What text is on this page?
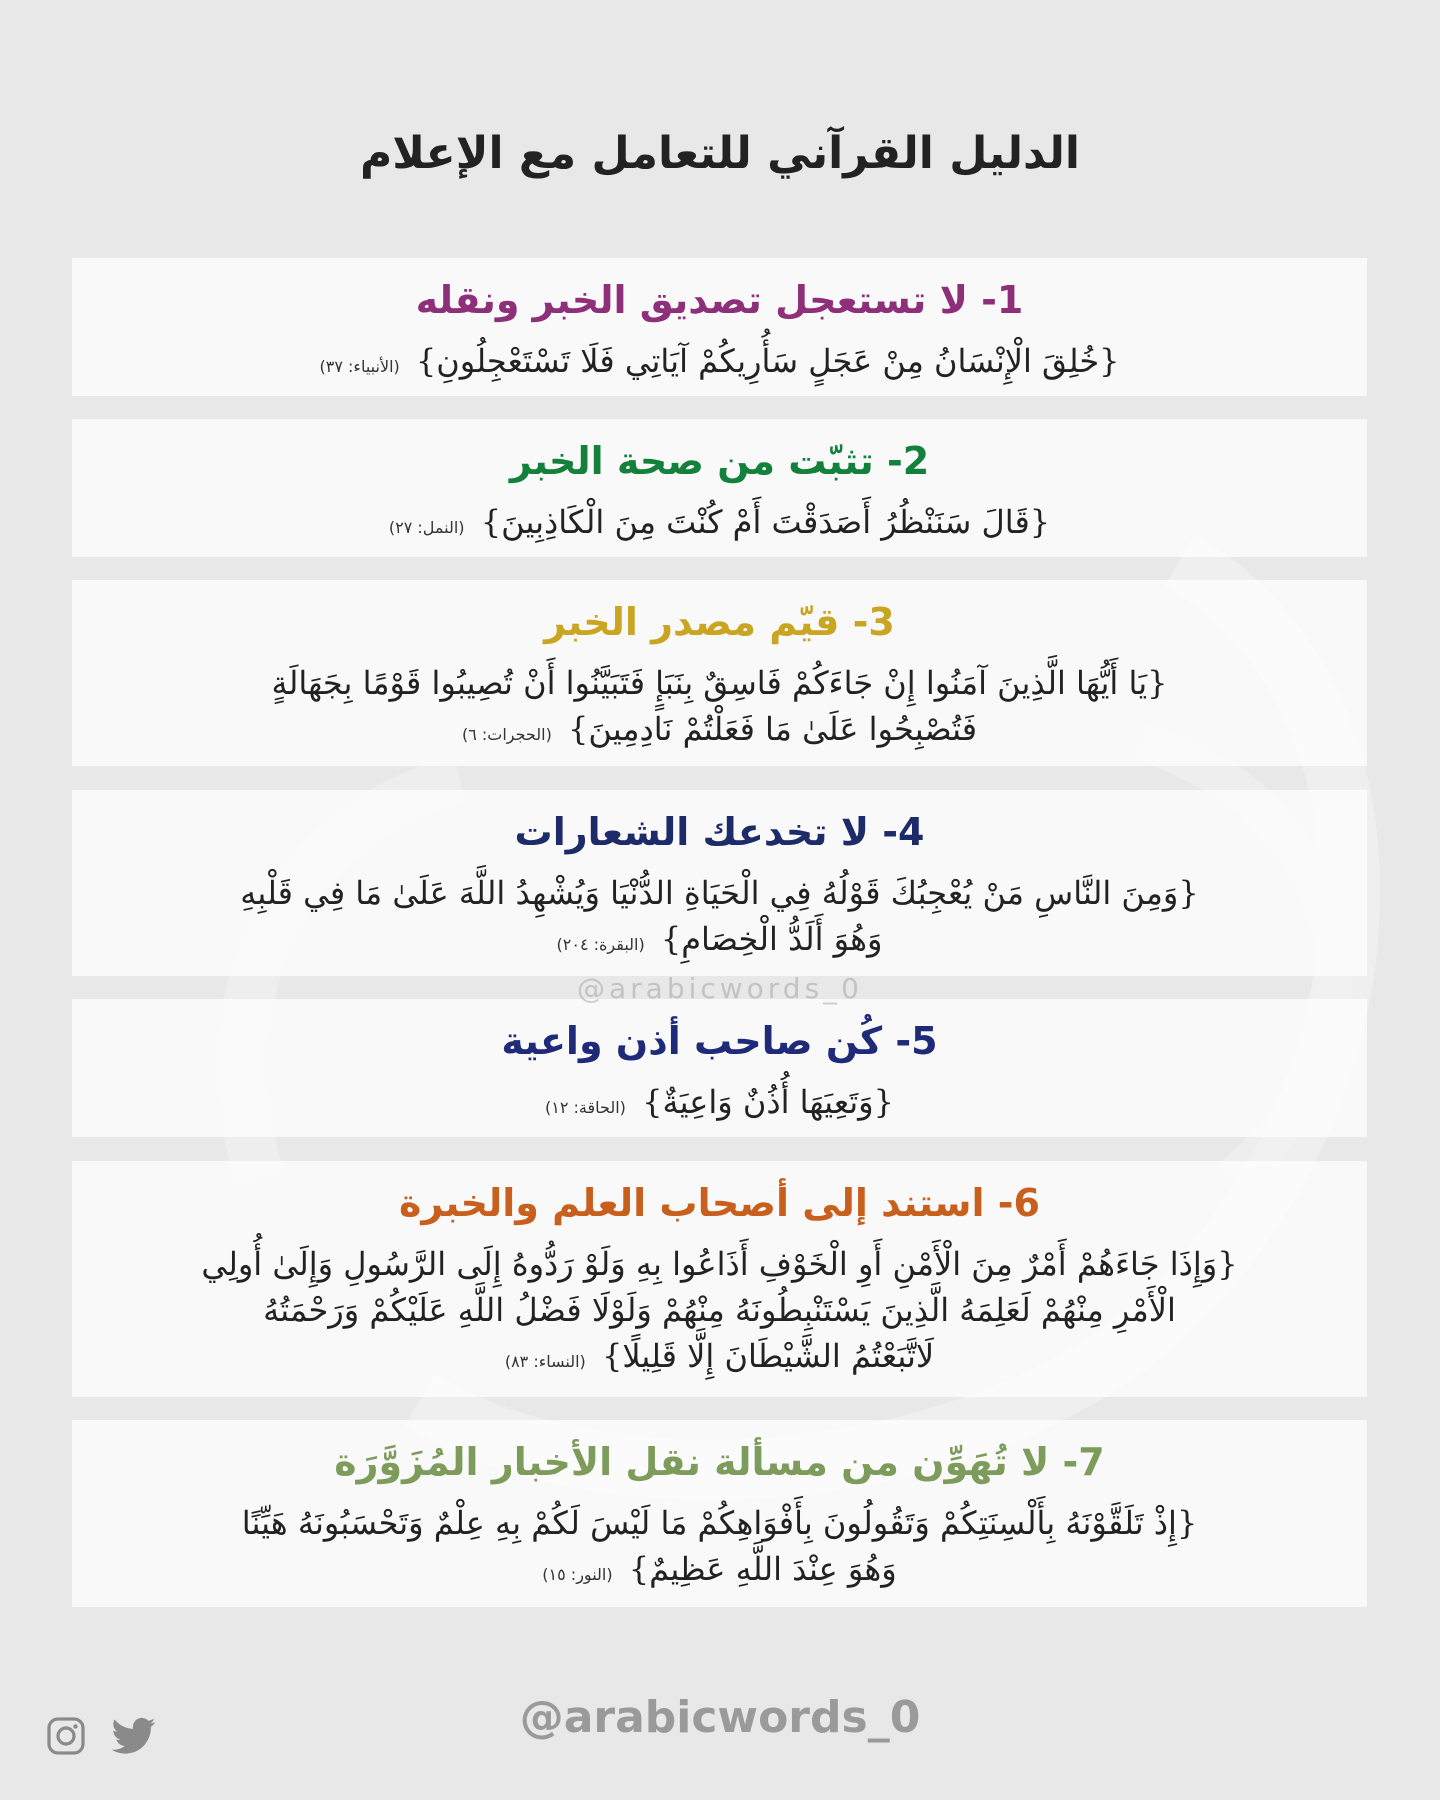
الدليل القرآني للتعامل مع الإعلام
1- لا تستعجل تصديق الخبر ونقله
{خُلِقَ الْإِنْسَانُ مِنْ عَجَلٍ سَأُرِيكُمْ آيَاتِي فَلَا تَسْتَعْجِلُونِ} (الأنبياء: ٣٧)
2- تثبّت من صحة الخبر
{قَالَ سَنَنْظُرُ أَصَدَقْتَ أَمْ كُنْتَ مِنَ الْكَاذِبِينَ} (النمل: ٢٧)
3- قيّم مصدر الخبر
{يَا أَيُّهَا الَّذِينَ آمَنُوا إِنْ جَاءَكُمْ فَاسِقٌ بِنَبَإٍ فَتَبَيَّنُوا أَنْ تُصِيبُوا قَوْمًا بِجَهَالَةٍ
فَتُصْبِحُوا عَلَىٰ مَا فَعَلْتُمْ نَادِمِينَ} (الحجرات: ٦)
4- لا تخدعك الشعارات
{وَمِنَ النَّاسِ مَنْ يُعْجِبُكَ قَوْلُهُ فِي الْحَيَاةِ الدُّنْيَا وَيُشْهِدُ اللَّهَ عَلَىٰ مَا فِي قَلْبِهِ
وَهُوَ أَلَدُّ الْخِصَامِ} (البقرة: ٢٠٤)
5- كُن صاحب أذن واعية
{وَتَعِيَهَا أُذُنٌ وَاعِيَةٌ} (الحاقة: ١٢)
6- استند إلى أصحاب العلم والخبرة
{وَإِذَا جَاءَهُمْ أَمْرٌ مِنَ الْأَمْنِ أَوِ الْخَوْفِ أَذَاعُوا بِهِ وَلَوْ رَدُّوهُ إِلَى الرَّسُولِ وَإِلَىٰ أُولِي
الْأَمْرِ مِنْهُمْ لَعَلِمَهُ الَّذِينَ يَسْتَنْبِطُونَهُ مِنْهُمْ وَلَوْلَا فَضْلُ اللَّهِ عَلَيْكُمْ وَرَحْمَتُهُ
لَاتَّبَعْتُمُ الشَّيْطَانَ إِلَّا قَلِيلًا} (النساء: ٨٣)
7- لا تُهَوِّن من مسألة نقل الأخبار المُزَوَّرَة
{إِذْ تَلَقَّوْنَهُ بِأَلْسِنَتِكُمْ وَتَقُولُونَ بِأَفْوَاهِكُمْ مَا لَيْسَ لَكُمْ بِهِ عِلْمٌ وَتَحْسَبُونَهُ هَيِّنًا
وَهُوَ عِنْدَ اللَّهِ عَظِيمٌ} (النور: ١٥)
@arabicwords_0
@arabicwords_0
